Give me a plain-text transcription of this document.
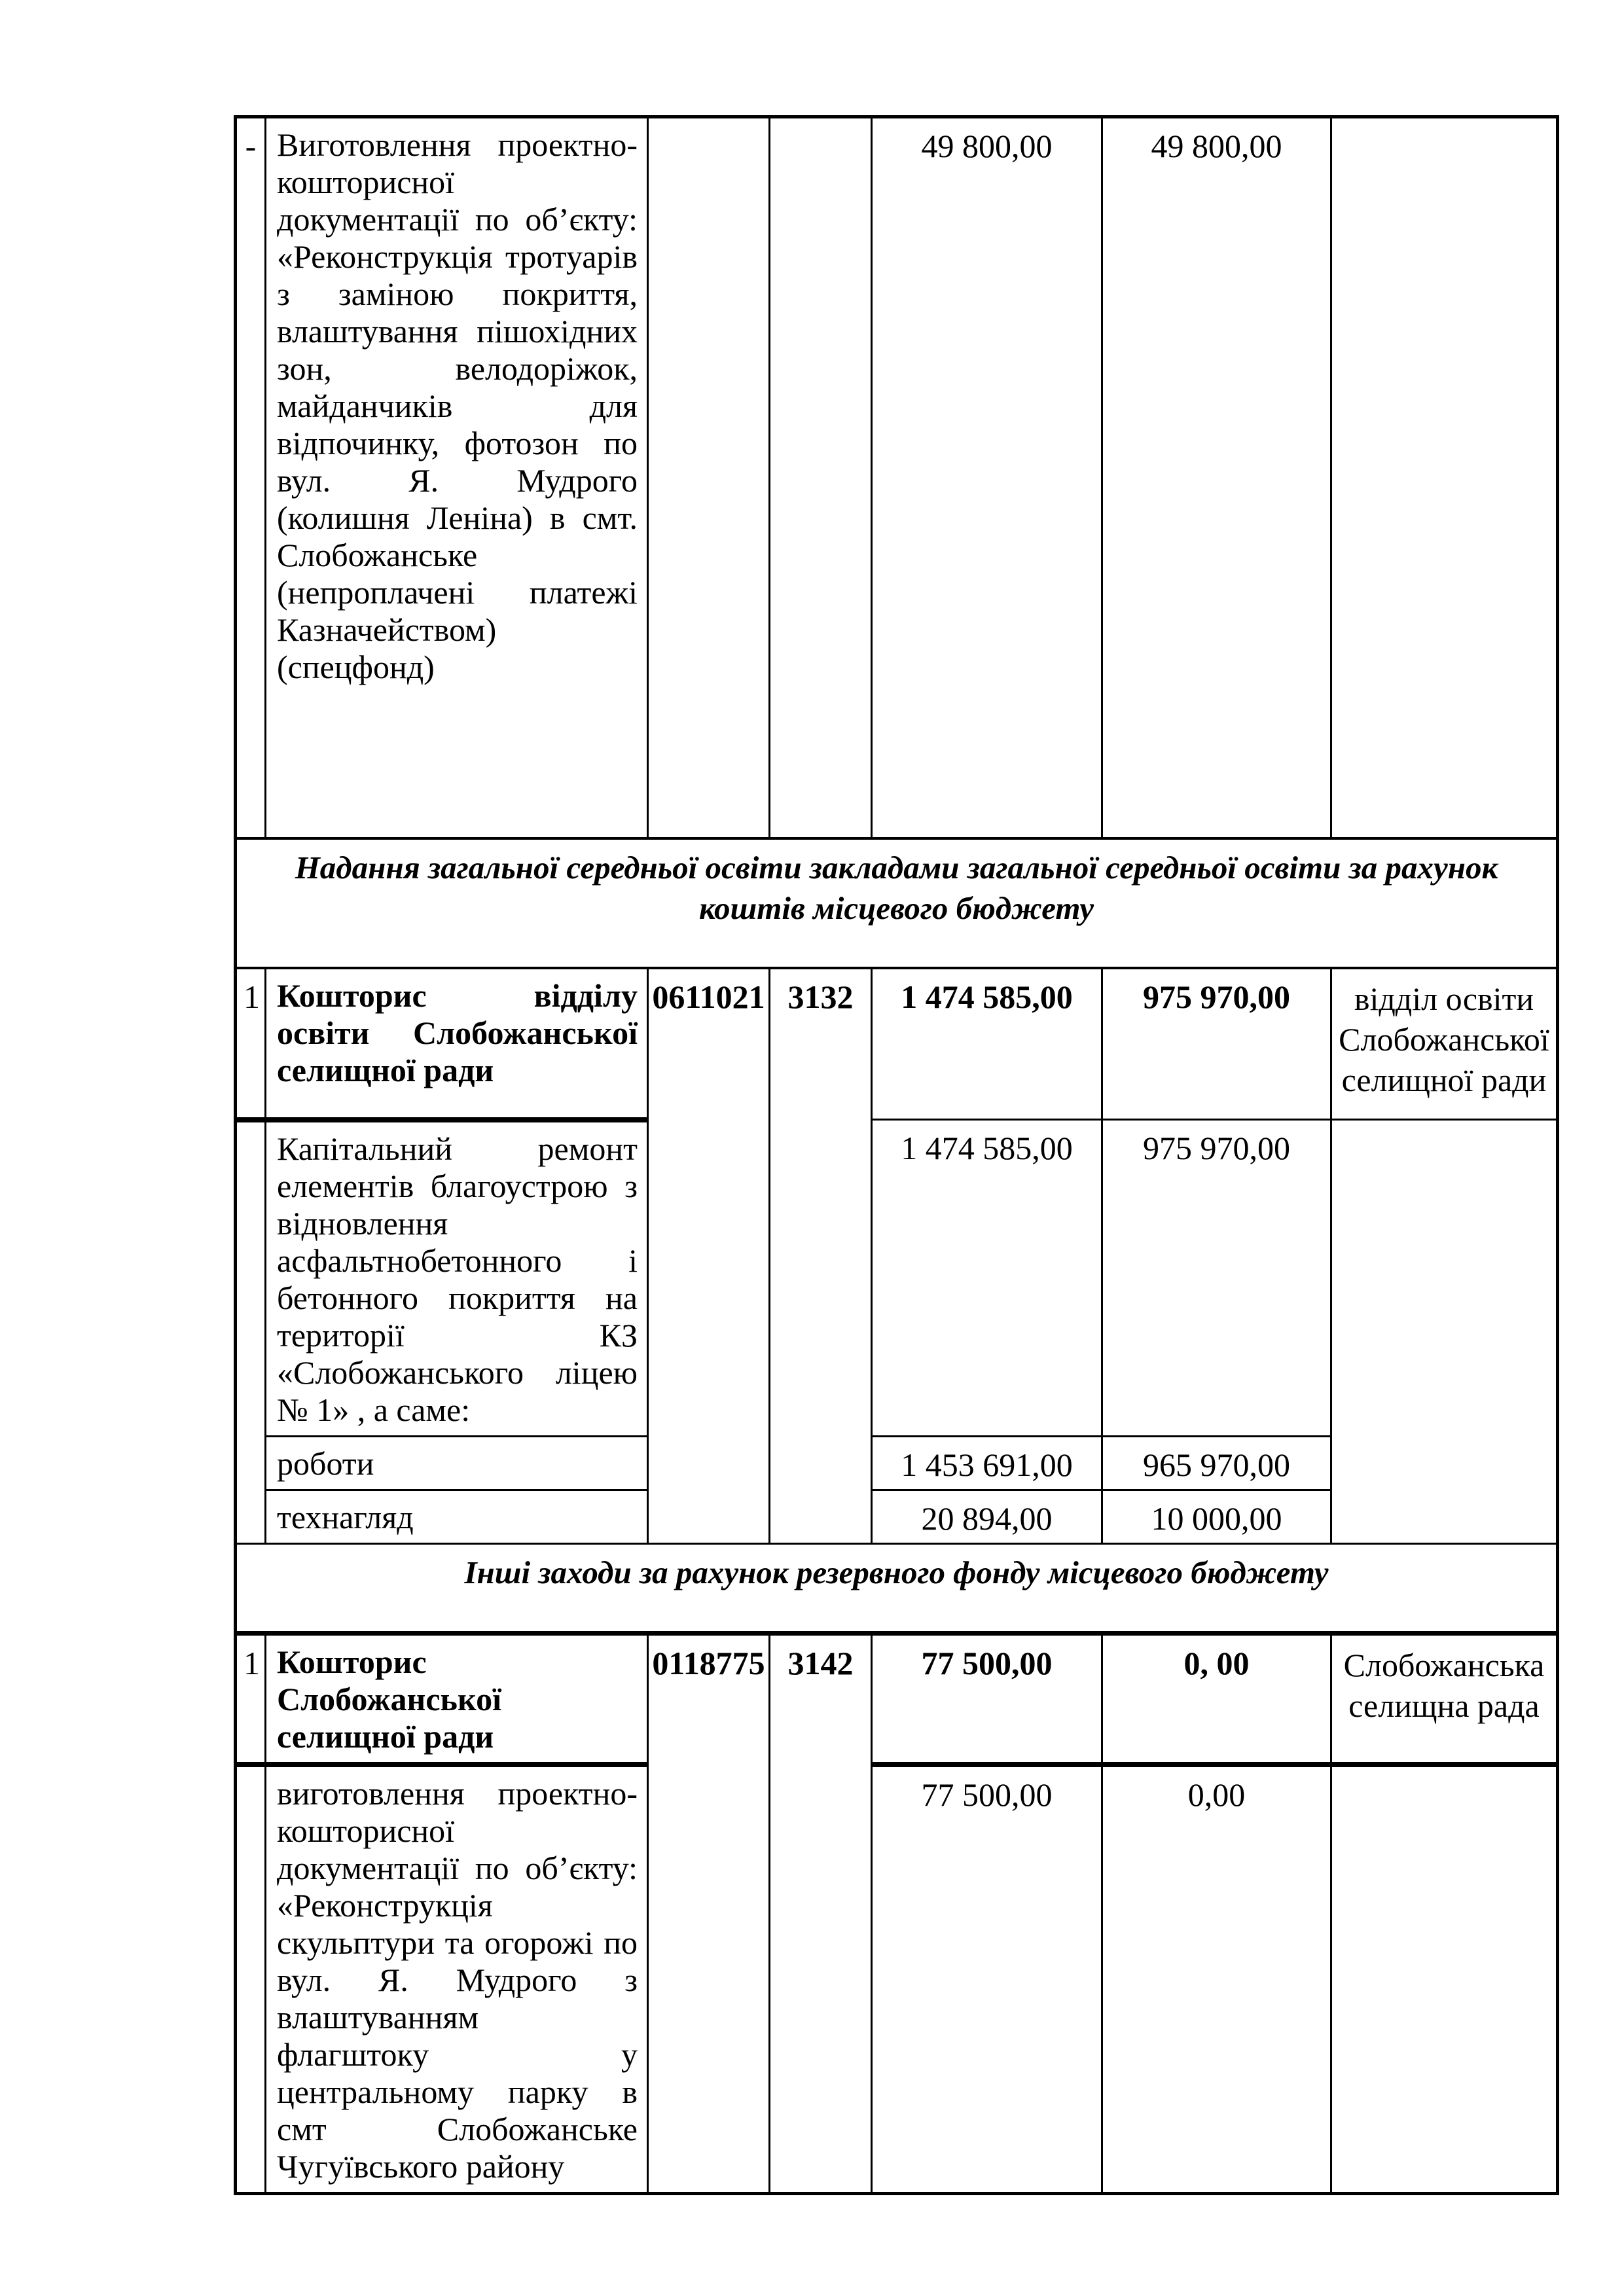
-	Виготовлення проектно-кошторисної документації по об’єкту: «Реконструкція тротуарів з заміною покриття, влаштування пішохідних зон, велодоріжок, майданчиків для відпочинку, фотозон по вул. Я. Мудрого (колишня Леніна) в смт. Слобожанське (непроплачені платежі Казначейством) (спецфонд)			49 800,00	49 800,00	
Надання загальної середньої освіти закладами загальної середньої освіти за рахунок коштів місцевого бюджету						
1	Кошторис відділу освіти Слобожанської селищної ради	0611021	3132	1 474 585,00	975 970,00	відділ освіти Слобожанської селищної ради
	Капітальний ремонт елементів благоустрою з відновлення асфальтнобетонного і бетонного покриття на території КЗ «Слобожанського ліцею № 1» , а саме:			1 474 585,00	975 970,00	
	роботи			1 453 691,00	965 970,00	
	технагляд			20 894,00	10 000,00	
Інші заходи за рахунок резервного фонду місцевого бюджету						
1	Кошторис Слобожанської селищної ради	0118775	3142	77 500,00	0, 00	Слобожанська селищна рада
	виготовлення проектно-кошторисної документації по об’єкту: «Реконструкція скульптури та огорожі по вул. Я. Мудрого з влаштуванням флагштоку у центральному парку в смт Слобожанське Чугуївського району			77 500,00	0,00	
